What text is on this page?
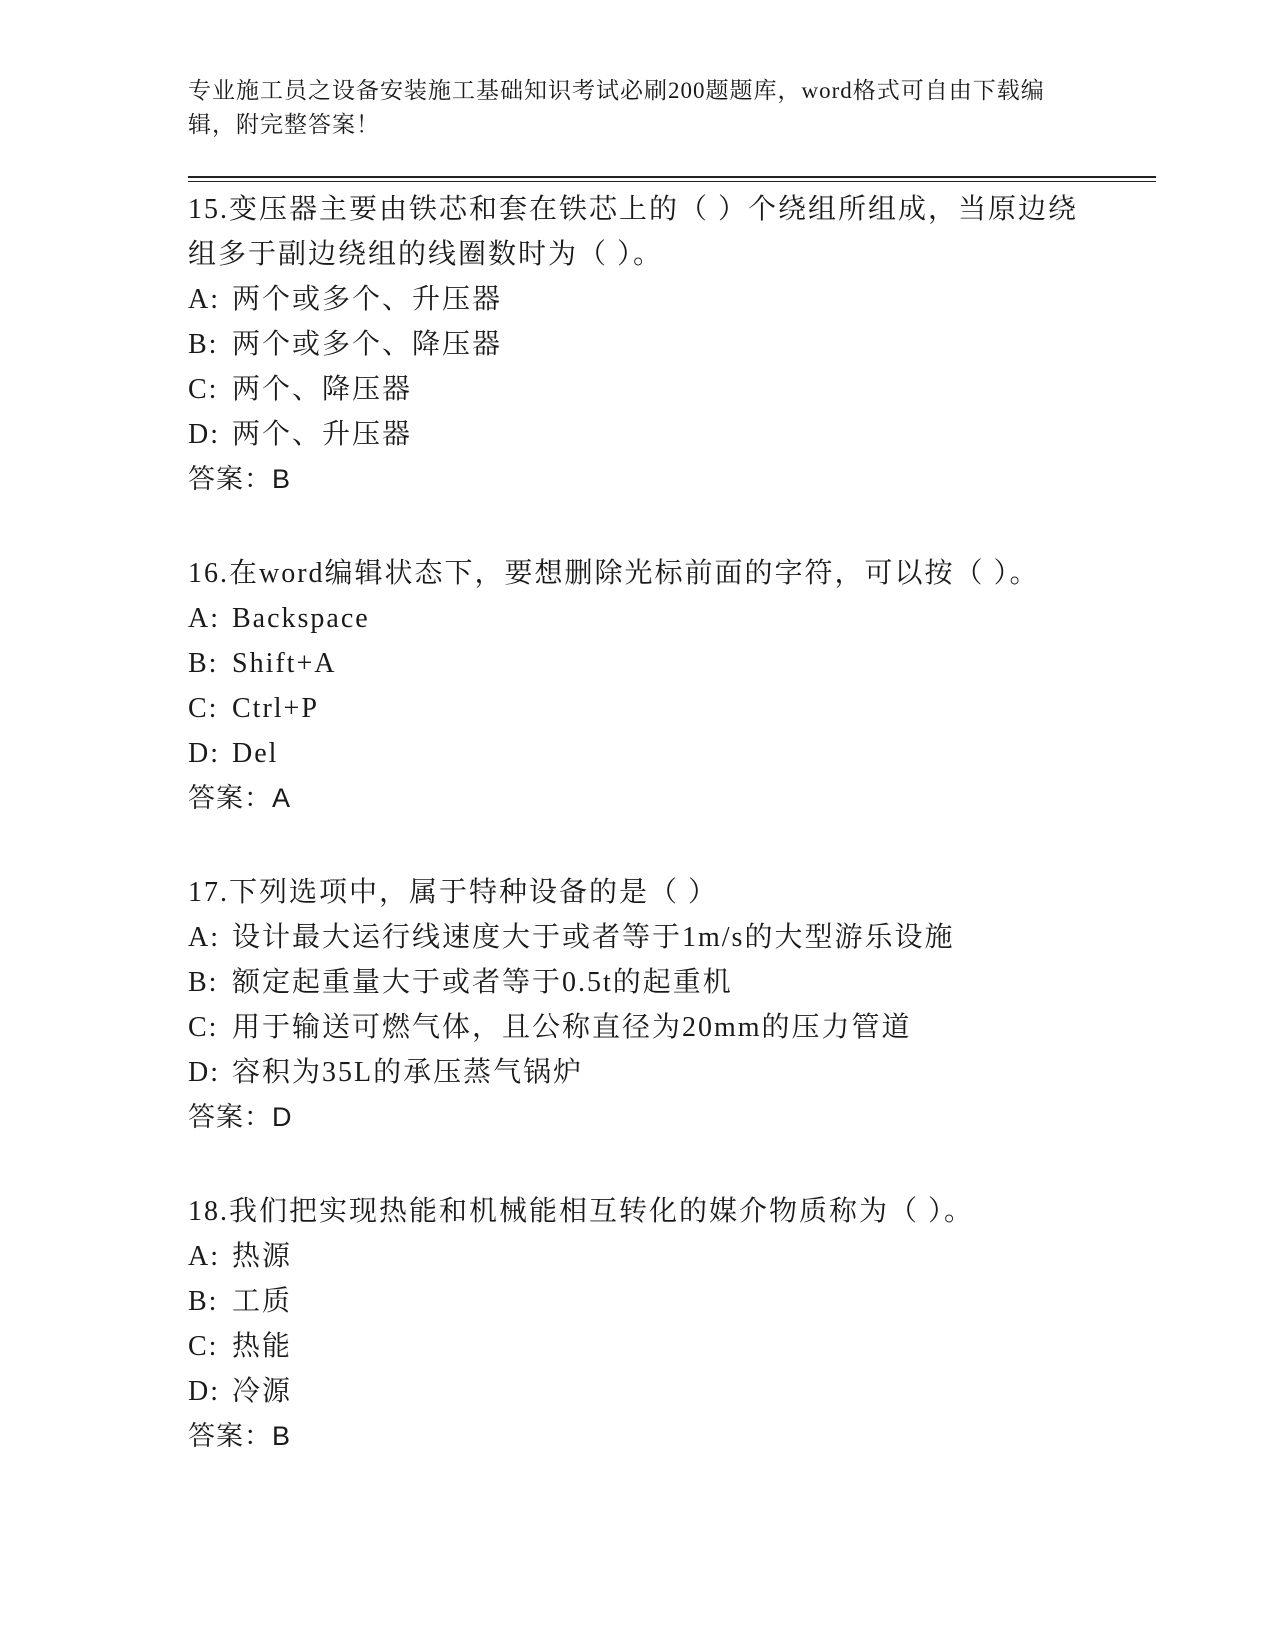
专业施工员之设备安装施工基础知识考试必刷200题题库，word格式可自由下载编辑，附完整答案！

15.变压器主要由铁芯和套在铁芯上的（ ）个绕组所组成，当原边绕组多于副边绕组的线圈数时为（ ）。

A: 两个或多个、升压器
B: 两个或多个、降压器
C: 两个、降压器
D: 两个、升压器
答案：B

16.在word编辑状态下，要想删除光标前面的字符，可以按（ ）。

A: Backspace
B: Shift+A
C: Ctrl+P
D: Del
答案：A

17.下列选项中，属于特种设备的是（ ）

A: 设计最大运行线速度大于或者等于1m/s的大型游乐设施
B: 额定起重量大于或者等于0.5t的起重机
C: 用于输送可燃气体，且公称直径为20mm的压力管道
D: 容积为35L的承压蒸气锅炉
答案：D

18.我们把实现热能和机械能相互转化的媒介物质称为（ ）。

A: 热源
B: 工质
C: 热能
D: 冷源
答案：B
